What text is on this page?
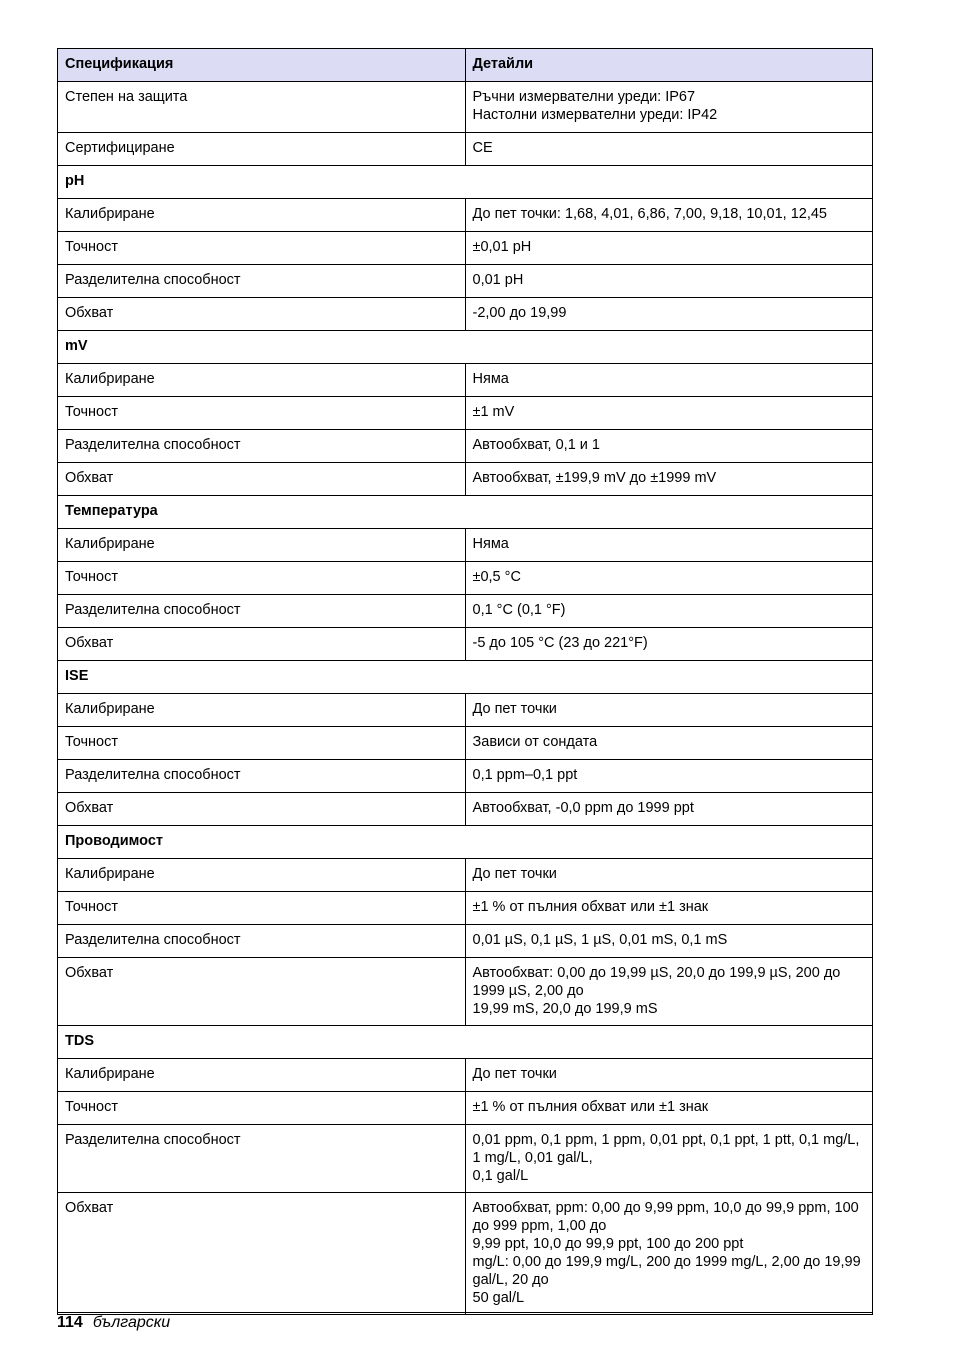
Спецификация	Детайли
Степен на защита	Ръчни измервателни уреди: IP67
Настолни измервателни уреди: IP42

Сертифициране	CE

pH	
Калибриране	До пет точки: 1,68, 4,01, 6,86, 7,00, 9,18, 10,01, 12,45

Точност	±0,01 pH

Разделителна способност	0,01 pH

Обхват	-2,00 до 19,99

mV	
Калибриране	Няма

Точност	±1 mV

Разделителна способност	Автообхват, 0,1 и 1

Обхват	Автообхват, ±199,9 mV до ±1999 mV

Температура	
Калибриране	Няма

Точност	±0,5 °C

Разделителна способност	0,1 °C (0,1 °F)

Обхват	-5 до 105 °C (23 до 221°F)

ISE	
Калибриране	До пет точки

Точност	Зависи от сондата

Разделителна способност	0,1 ppm–0,1 ppt

Обхват	Автообхват, -0,0 ppm до 1999 ppt

Проводимост	
Калибриране	До пет точки

Точност	±1 % от пълния обхват или ±1 знак

Разделителна способност	0,01 µS, 0,1 µS, 1 µS, 0,01 mS, 0,1 mS

Обхват	Автообхват: 0,00 до 19,99 µS, 20,0 до 199,9 µS, 200 до 1999 µS, 2,00 до
19,99 mS, 20,0 до 199,9 mS

TDS	
Калибриране	До пет точки

Точност	±1 % от пълния обхват или ±1 знак

Разделителна способност	0,01 ppm, 0,1 ppm, 1 ppm, 0,01 ppt, 0,1 ppt, 1 ptt, 0,1 mg/L, 1 mg/L, 0,01 gal/L,
0,1 gal/L

Обхват	Автообхват, ppm: 0,00 до 9,99 ppm, 10,0 до 99,9 ppm, 100 до 999 ppm, 1,00 до
9,99 ppt, 10,0 до 99,9 ppt, 100 до 200 ppt
mg/L: 0,00 до 199,9 mg/L, 200 до 1999 mg/L, 2,00 до 19,99 gal/L, 20 до
50 gal/L
114 български
